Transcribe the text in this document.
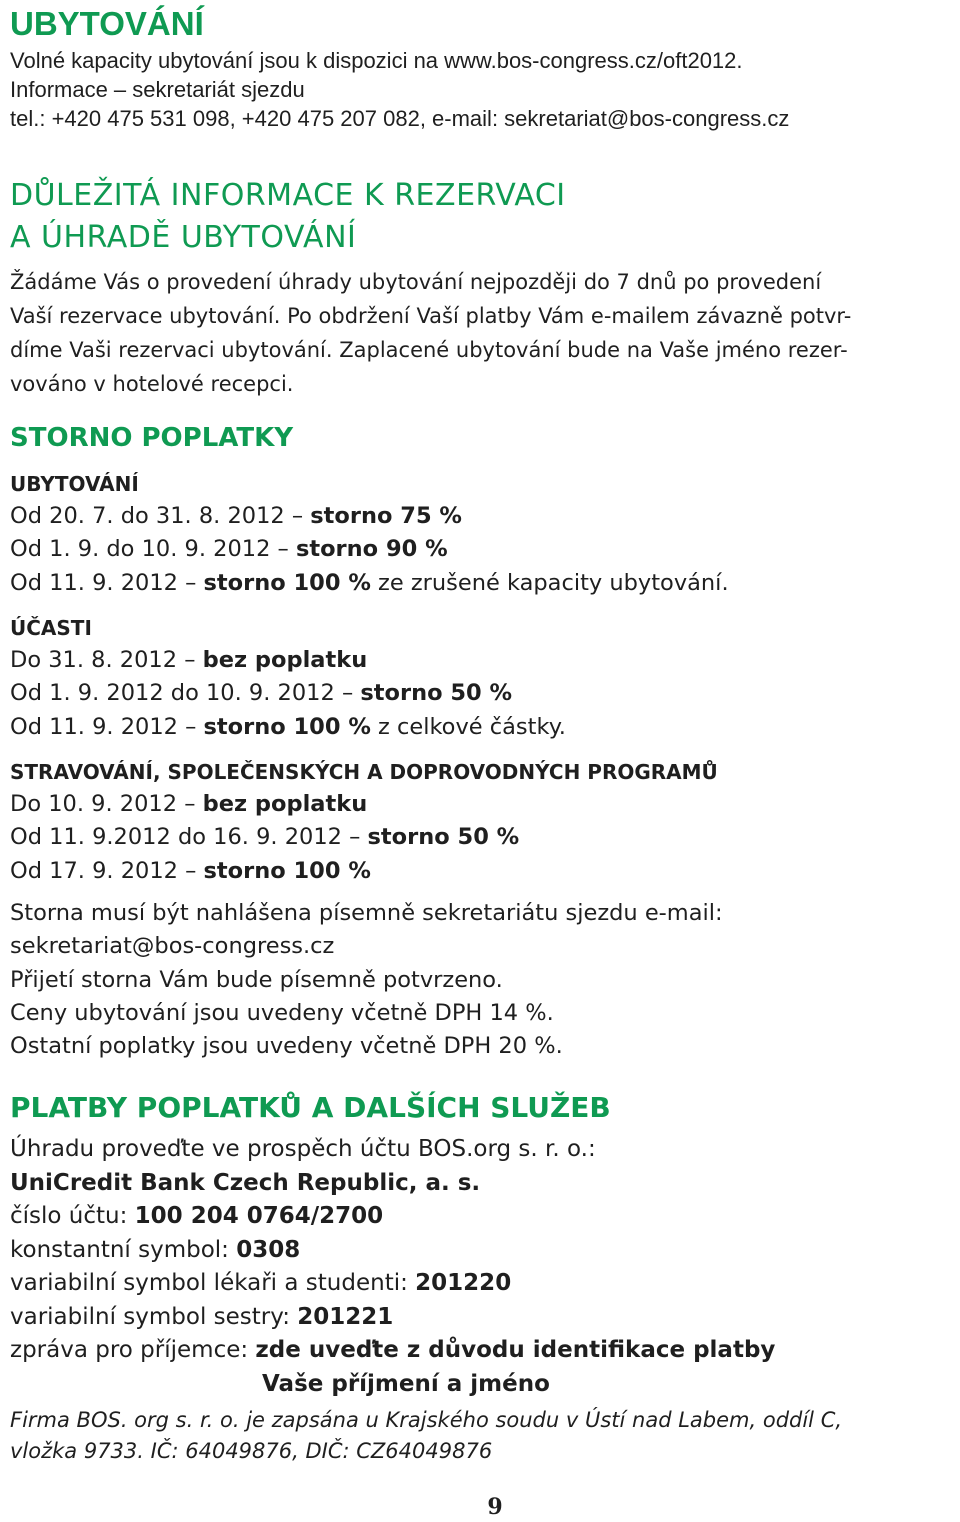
UBYTOVÁNÍ
Volné kapacity ubytování jsou k dispozici na www.bos-congress.cz/oft2012.
Informace – sekretariát sjezdu
tel.: +420 475 531 098, +420 475 207 082, e-mail: sekretariat@bos-congress.cz
DŮLEŽITÁ INFORMACE K REZERVACI
A ÚHRADĚ UBYTOVÁNÍ
Žádáme Vás o provedení úhrady ubytování nejpozději do 7 dnů po provedení
Vaší rezervace ubytování. Po obdržení Vaší platby Vám e-mailem závazně potvr-
díme Vaši rezervaci ubytování. Zaplacené ubytování bude na Vaše jméno rezer-
vováno v hotelové recepci.
STORNO POPLATKY
UBYTOVÁNÍ
Od 20. 7. do 31. 8. 2012 – storno 75 %
Od 1. 9. do 10. 9. 2012 – storno 90 %
Od 11. 9. 2012 – storno 100 % ze zrušené kapacity ubytování.
ÚČASTI
Do 31. 8. 2012 – bez poplatku
Od 1. 9. 2012 do 10. 9. 2012 – storno 50 %
Od 11. 9. 2012 – storno 100 % z celkové částky.
STRAVOVÁNÍ, SPOLEČENSKÝCH A DOPROVODNÝCH PROGRAMŮ
Do 10. 9. 2012 – bez poplatku
Od 11. 9.2012 do 16. 9. 2012 – storno 50 %
Od 17. 9. 2012 – storno 100 %
Storna musí být nahlášena písemně sekretariátu sjezdu e-mail:
sekretariat@bos-congress.cz
Přijetí storna Vám bude písemně potvrzeno.
Ceny ubytování jsou uvedeny včetně DPH 14 %.
Ostatní poplatky jsou uvedeny včetně DPH 20 %.
PLATBY POPLATKŮ A DALŠÍCH SLUŽEB
Úhradu proveďte ve prospěch účtu BOS.org s. r. o.:
UniCredit Bank Czech Republic, a. s.
číslo účtu: 100 204 0764/2700
konstantní symbol: 0308
variabilní symbol lékaři a studenti: 201220
variabilní symbol sestry: 201221
zpráva pro příjemce: zde uveďte z důvodu identifikace platby
Vaše příjmení a jméno
Firma BOS. org s. r. o. je zapsána u Krajského soudu v Ústí nad Labem, oddíl C,
vložka 9733. IČ: 64049876, DIČ: CZ64049876
9
